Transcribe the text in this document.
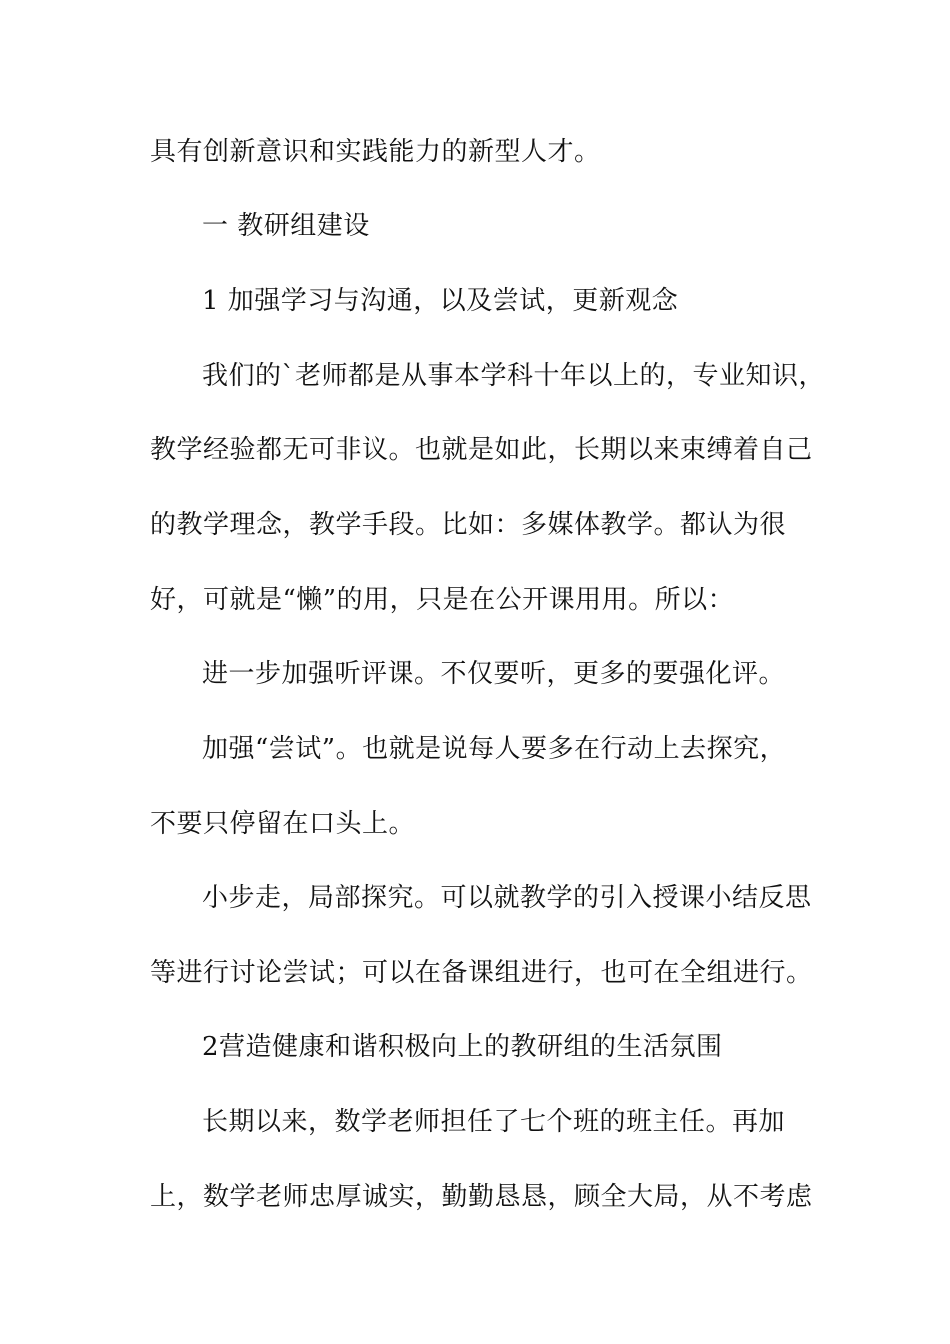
具有创新意识和实践能力的新型人才。
一 教研组建设
1 加强学习与沟通，以及尝试，更新观念
我们的`老师都是从事本学科十年以上的，专业知识，
教学经验都无可非议。也就是如此，长期以来束缚着自己
的教学理念，教学手段。比如：多媒体教学。都认为很
好，可就是“懒”的用，只是在公开课用用。所以：
进一步加强听评课。不仅要听，更多的要强化评。
加强“尝试”。也就是说每人要多在行动上去探究，
不要只停留在口头上。
小步走，局部探究。可以就教学的引入授课小结反思
等进行讨论尝试；可以在备课组进行，也可在全组进行。
2营造健康和谐积极向上的教研组的生活氛围
长期以来，数学老师担任了七个班的班主任。再加
上，数学老师忠厚诚实，勤勤恳恳，顾全大局，从不考虑
